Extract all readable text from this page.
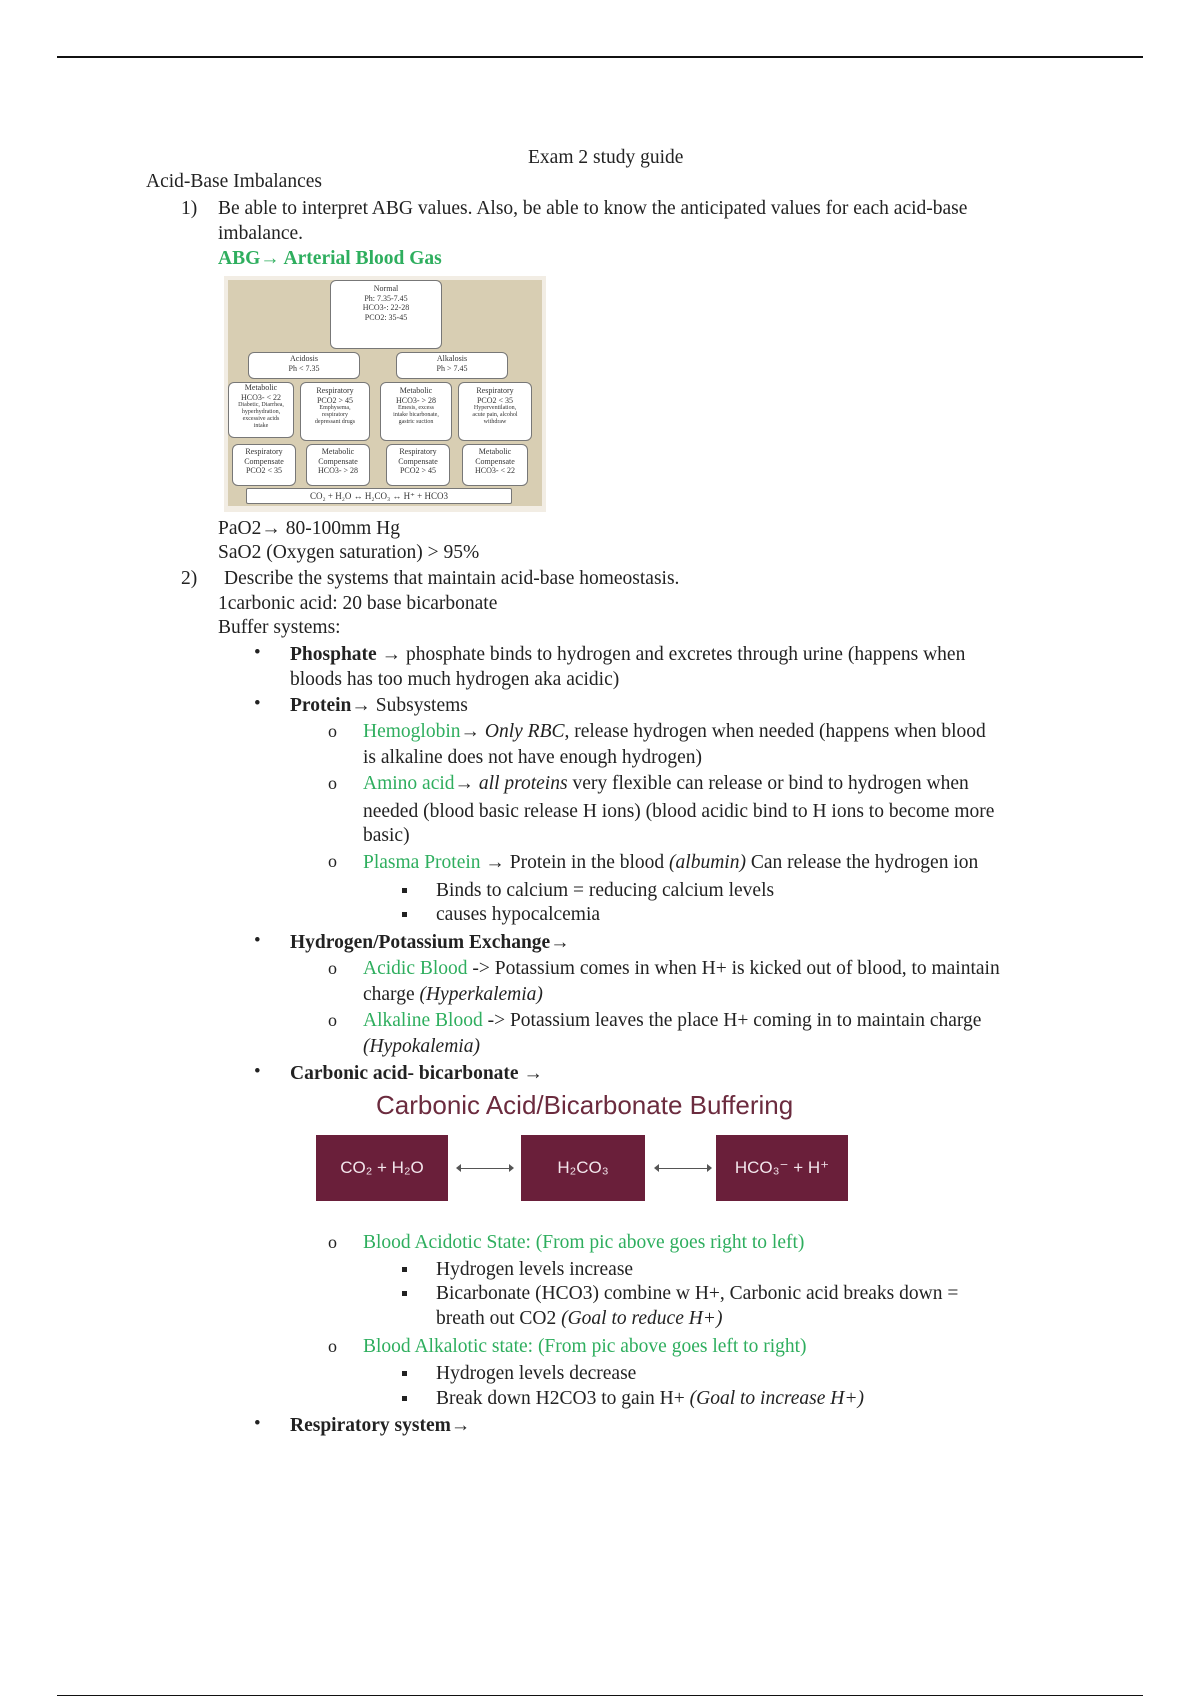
Exam 2 study guide
Acid-Base Imbalances
1) Be able to interpret ABG values. Also, be able to know the anticipated values for each acid-base
imbalance.
ABG→ Arterial Blood Gas
Normal
Ph: 7.35-7.45
HCO3-: 22-28
PCO2: 35-45
Acidosis
Ph < 7.35
Alkalosis
Ph > 7.45
Metabolic
HCO3- < 22
Diabetic, Diarrhea,
hyperhydration,
excessive acids
intake
Respiratory
PCO2 > 45
Emphysema,
respiratory
depressant drugs
Metabolic
HCO3- > 28
Emesis, excess
intake bicarbonate,
gastric suction
Respiratory
PCO2 < 35
Hyperventilation,
acute pain, alcohol
withdraw
Respiratory
Compensate
PCO2 < 35
Metabolic
Compensate
HCO3- > 28
Respiratory
Compensate
PCO2 > 45
Metabolic
Compensate
HCO3- < 22
CO₂ + H₂O ↔ H₂CO₃ ↔ H⁺ + HCO3
PaO2→ 80-100mm Hg
SaO2 (Oxygen saturation) > 95%
2) Describe the systems that maintain acid-base homeostasis.
1carbonic acid: 20 base bicarbonate
Buffer systems:
• Phosphate → phosphate binds to hydrogen and excretes through urine (happens when
bloods has too much hydrogen aka acidic)
• Protein→ Subsystems
o Hemoglobin→ Only RBC, release hydrogen when needed (happens when blood
is alkaline does not have enough hydrogen)
o Amino acid→ all proteins very flexible can release or bind to hydrogen when
needed (blood basic release H ions) (blood acidic bind to H ions to become more
basic)
o Plasma Protein → Protein in the blood (albumin) Can release the hydrogen ion
Binds to calcium = reducing calcium levels
causes hypocalcemia
• Hydrogen/Potassium Exchange→
o Acidic Blood -> Potassium comes in when H+ is kicked out of blood, to maintain
charge (Hyperkalemia)
o Alkaline Blood -> Potassium leaves the place H+ coming in to maintain charge
(Hypokalemia)
• Carbonic acid- bicarbonate →
Carbonic Acid/Bicarbonate Buffering
CO₂ + H₂O	H₂CO₃	HCO₃⁻ + H⁺
o Blood Acidotic State: (From pic above goes right to left)
Hydrogen levels increase
Bicarbonate (HCO3) combine w H+, Carbonic acid breaks down =
breath out CO2 (Goal to reduce H+)
o Blood Alkalotic state: (From pic above goes left to right)
Hydrogen levels decrease
Break down H2CO3 to gain H+ (Goal to increase H+)
• Respiratory system→
